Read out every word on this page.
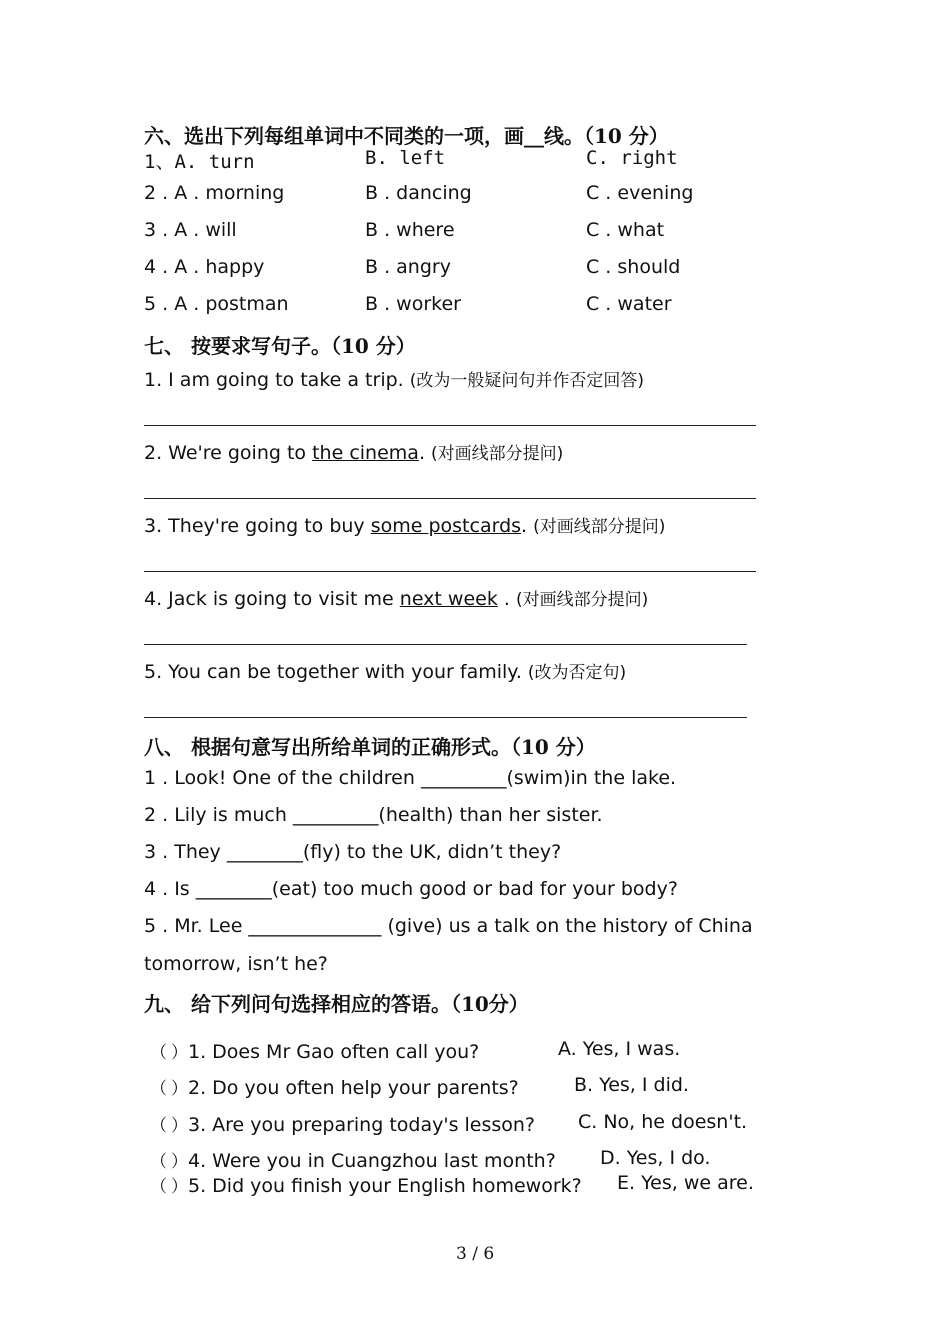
六、选出下列每组单词中不同类的一项，画__线。（10 分）
1、A. turn	B. left	C. right
2 . A . morning	B . dancing	C . evening
3 . A . will	B . where	C . what
4 . A . happy	B . angry	C . should
5 . A . postman	B . worker	C . water
七、 按要求写句子。（10 分）
1. I am going to take a trip. (改为一般疑问句并作否定回答)
2. We're going to the cinema. (对画线部分提问)
3. They're going to buy some postcards. (对画线部分提问)
4. Jack is going to visit me next week . (对画线部分提问)
5. You can be together with your family. (改为否定句)
八、 根据句意写出所给单词的正确形式。（10 分）
1 . Look! One of the children _________(swim)in the lake.
2 . Lily is much _________(health) than her sister.
3 . They ________(fly) to the UK, didn’t they?
4 . Is ________(eat) too much good or bad for your body?
5 . Mr. Lee ______________ (give) us a talk on the history of China
tomorrow, isn’t he?
九、 给下列问句选择相应的答语。（10分）
（ ）1. Does Mr Gao often call you?	A. Yes, I was.
（ ）2. Do you often help your parents?	B. Yes, I did.
（ ）3. Are you preparing today's lesson? C. No, he doesn't.
（ ）4. Were you in Cuangzhou last month? D. Yes, I do.
（ ）5. Did you finish your English homework? E. Yes, we are.
3 / 6
